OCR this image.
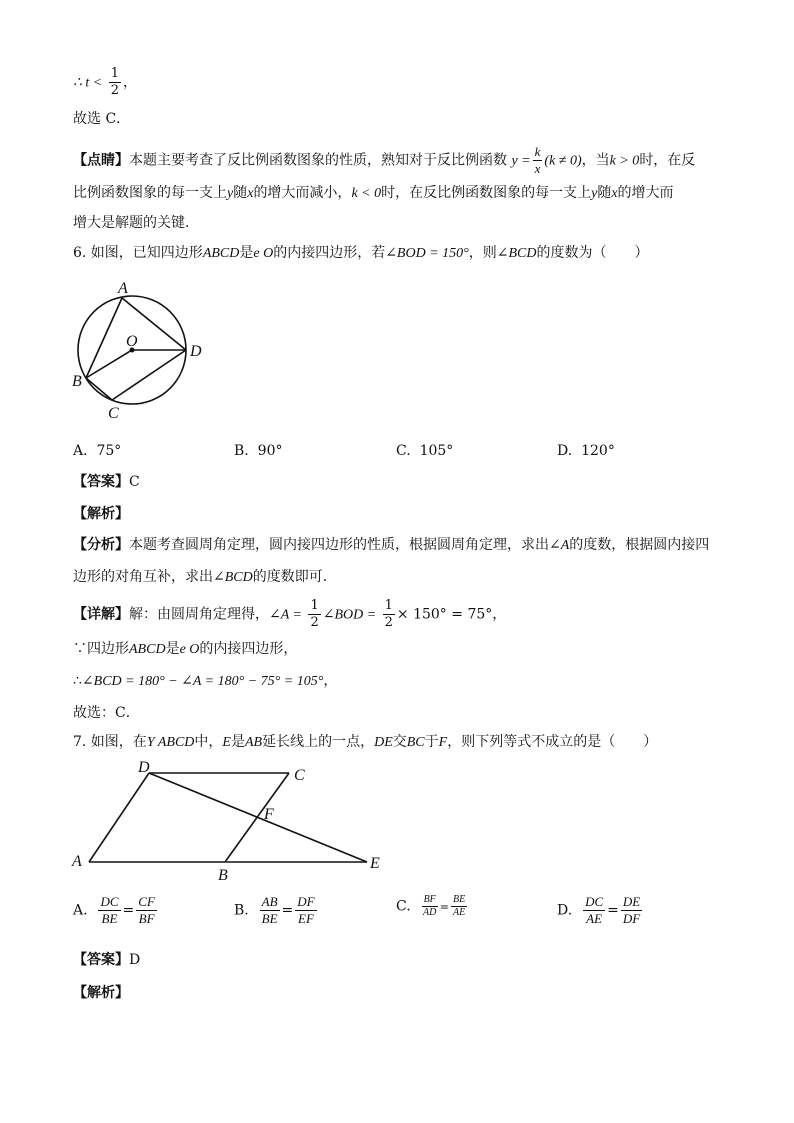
∴ $t < \frac{1}{2}$ ，
故选 C．
【点睛】本题主要考查了反比例函数图象的性质，熟知对于反比例函数 $y = \frac{k}{x} (k \ne 0)$，当k > 0时，在反
比例函数图象的每一支上y随x的增大而减小，k < 0时，在反比例函数图象的每一支上y随x的增大而
增大是解题的关键．
6. 如图，已知四边形ABCD是e O的内接四边形，若∠BOD = 150°，则∠BCD的度数为（　　）
A
O
D
B
C
A. 75°	B. 90°	C. 105°	D. 120°
【答案】C
【解析】
【分析】本题考查圆周角定理，圆内接四边形的性质，根据圆周角定理，求出∠A的度数，根据圆内接四
边形的对角互补，求出∠BCD的度数即可．
【详解】解：由圆周角定理得，∠A = $\frac{1}{2}$ ∠BOD = $\frac{1}{2} \times 150^\circ = 75^\circ$，
∵四边形ABCD是e O的内接四边形，
∴∠BCD = 180° − ∠A = 180° − 75° = 105°，
故选：C．
7. 如图，在Y ABCD中，E是AB延长线上的一点，DE交BC于F，则下列等式不成立的是（　　）
D	C
F
A
B
E
A. $\frac{DC}{BE} = \frac{CF}{BF}$	B. $\frac{AB}{BE} = \frac{DF}{EF}$	C. $\frac{BF}{AD} = \frac{BE}{AE}$	D. $\frac{DC}{AE} = \frac{DE}{DF}$
【答案】D
【解析】
